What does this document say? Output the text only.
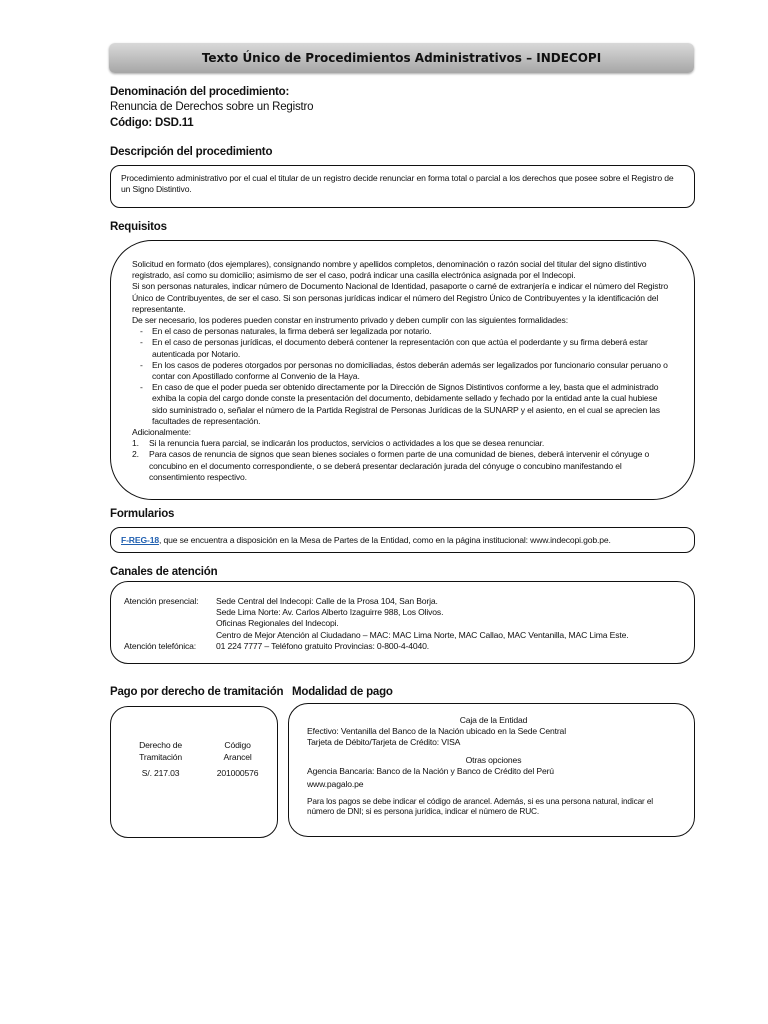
Texto Único de Procedimientos Administrativos – INDECOPI
Denominación del procedimiento:
Renuncia de Derechos sobre un Registro
Código: DSD.11
Descripción del procedimiento
Procedimiento administrativo por el cual el titular de un registro decide renunciar en forma total o parcial a los derechos que posee sobre el Registro de un Signo Distintivo.
Requisitos

Solicitud en formato (dos ejemplares), consignando nombre y apellidos completos, denominación o razón social del titular del signo distintivo registrado, así como su domicilio; asimismo de ser el caso, podrá indicar una casilla electrónica asignada por el Indecopi.

Si son personas naturales, indicar número de Documento Nacional de Identidad, pasaporte o carné de extranjería e indicar el número del Registro Único de Contribuyentes, de ser el caso. Si son personas jurídicas indicar el número del Registro Único de Contribuyentes y la identificación del representante.

De ser necesario, los poderes pueden constar en instrumento privado y deben cumplir con las siguientes formalidades:

-	En el caso de personas naturales, la firma deberá ser legalizada por notario.
-	En el caso de personas jurídicas, el documento deberá contener la representación con que actúa el poderdante y su firma deberá estar autenticada por Notario.
-	En los casos de poderes otorgados por personas no domiciliadas, éstos deberán además ser legalizados por funcionario consular peruano o contar con Apostillado conforme al Convenio de la Haya.
-	En caso de que el poder pueda ser obtenido directamente por la Dirección de Signos Distintivos conforme a ley, basta que el administrado exhiba la copia del cargo donde conste la presentación del documento, debidamente sellado y fechado por la entidad ante la cual hubiese sido suministrado o, señalar el número de la Partida Registral de Personas Jurídicas de la SUNARP y el asiento, en el cual se aprecien las facultades de representación.

Adicionalmente:

1.	Si la renuncia fuera parcial, se indicarán los productos, servicios o actividades a los que se desea renunciar.
2.	Para casos de renuncia de signos que sean bienes sociales o formen parte de una comunidad de bienes, deberá intervenir el cónyuge o concubino en el documento correspondiente, o se deberá presentar declaración jurada del cónyuge o concubino manifestando el consentimiento respectivo.
Formularios
F-REG-18, que se encuentra a disposición en la Mesa de Partes de la Entidad, como en la página institucional: www.indecopi.gob.pe.
Canales de atención
Atención presencial:	Sede Central del Indecopi: Calle de la Prosa 104, San Borja.
Sede Lima Norte: Av. Carlos Alberto Izaguirre 988, Los Olivos.
Oficinas Regionales del Indecopi.
Centro de Mejor Atención al Ciudadano – MAC: MAC Lima Norte, MAC Callao, MAC Ventanilla, MAC Lima Este.
Atención telefónica:	01 224 7777 – Teléfono gratuito Provincias: 0-800-4-4040.
Pago por derecho de tramitación
Derecho de Tramitación	Código Arancel
S/. 217.03	201000576
Modalidad de pago
Caja de la Entidad
Efectivo: Ventanilla del Banco de la Nación ubicado en la Sede Central
Tarjeta de Débito/Tarjeta de Crédito: VISA
Otras opciones
Agencia Bancaria: Banco de la Nación y Banco de Crédito del Perú
www.pagalo.pe
Para los pagos se debe indicar el código de arancel. Además, si es una persona natural, indicar el número de DNI; si es persona jurídica, indicar el número de RUC.
